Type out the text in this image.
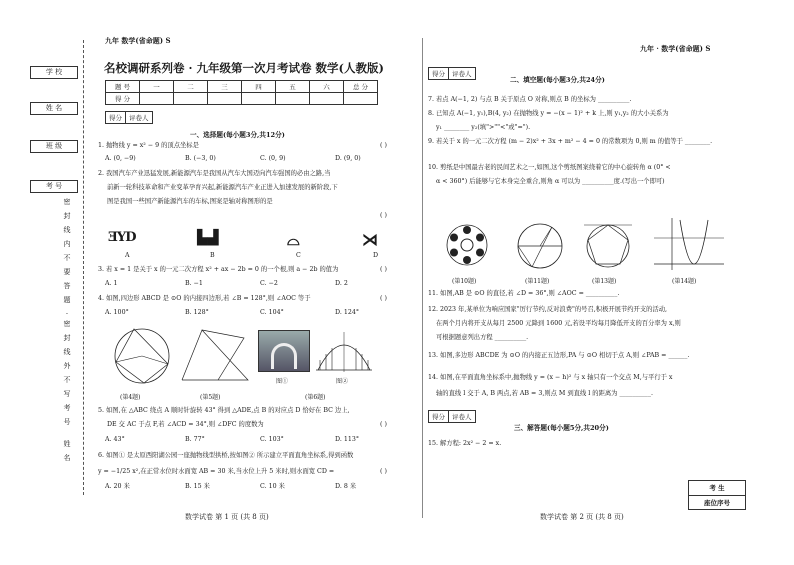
学 校
姓 名
班 级
考 号
密
封
线
内
不
要
答
题
·
密
封
线
外
不
写
考
号
姓
名
九年 数学(省命题) S
九年 · 数学(省命题) S
名校调研系列卷 · 九年级第一次月考试卷 数学(人教版)
题 号	一	二	三	四	五	六	总 分
得 分							
得分	评卷人
一、选择题(每小题3分,共12分)
1. 抛物线 y = x² − 9 的顶点坐标是	( )
A. (0, −9)	B. (−3, 0)	C. (0, 9)	D. (9, 0)
2. 我国汽车产业迅猛发展,新能源汽车是我国从汽车大国迈向汽车强国的必由之路,当
前新一轮科技革命和产业变革孕育兴起,新能源汽车产业正进入加速发展的新阶段,下
图是我国一些国产新能源汽车的车标,图案是轴对称图形的是
( )
ƎYD	▙▟	⌓	⋊
A	B	C	D
3. 若 x = 1 是关于 x 的一元二次方程 x² + ax − 2b = 0 的一个根,则 a − 2b 的值为	( )
A. 1	B. −1	C. −2	D. 2
4. 如图,四边形 ABCD 是 ⊙O 的内接四边形,若 ∠B = 128°,则 ∠AOC 等于	( )
A. 100°	B. 128°	C. 104°	D. 124°
(第4题)	(第5题)
图①	图②
(第6题)
5. 如图,在 △ABC 绕点 A 顺时针旋转 43° 得到 △ADE,点 B 的对应点 D 恰好在 BC 边上,
DE 交 AC 于点 F,若 ∠ACD = 34°,则 ∠DFC 的度数为	( )
A. 43°	B. 77°	C. 103°	D. 113°
6. 如图① 是太原西阳湖公园一座抛物线型拱桥,按如图② 所示建立平面直角坐标系,得到函数
y = −1/25 x²,在正常水位时水面宽 AB = 30 米,当水位上升 5 米时,则水面宽 CD =	( )
A. 20 米	B. 15 米	C. 10 米	D. 8 米
数学试卷 第 1 页 (共 8 页)
得分	评卷人
二、填空题(每小题3分,共24分)
7. 若点 A(−1, 2) 与点 B 关于原点 O 对称,则点 B 的坐标为 __________.
8. 已知点 A(−1, y₁),B(4, y₂) 在抛物线 y = −(x − 1)² + k 上,则 y₁,y₂ 的大小关系为
y₁ ________ y₂(填">""<"或"=").
9. 若关于 x 的一元二次方程 (m − 2)x² + 3x + m² − 4 = 0 的常数项为 0,则 m 的值等于 ________.
10. 剪纸是中国最古老的民间艺术之一,如图,这个剪纸图案绕着它的中心旋转角 α (0° <
α < 360°) 后能够与它本身完全重合,则角 α 可以为 __________度.(写出一个即可)
(第10题)	(第11题)	(第13题)	(第14题)
11. 如图,AB 是 ⊙O 的直径,若 ∠D = 36°,则 ∠AOC = __________.
12. 2023 年,某单位为响应国家"厉行节约,反对浪费"的号召,积极开展节约开支的活动,
在两个月内将开支从每月 2500 元降到 1600 元,若设平均每月降低开支的百分率为 x,则
可根据题意列出方程 __________.
13. 如图,多边形 ABCDE 为 ⊙O 的内接正五边形,PA 与 ⊙O 相切于点 A,则 ∠PAB = ______.
14. 如图,在平面直角坐标系中,抛物线 y = (x − h)² 与 x 轴只有一个交点 M,与平行于 x
轴的直线 l 交于 A, B 两点,若 AB = 3,则点 M 到直线 l 的距离为 __________.
得分	评卷人
三、解答题(每小题5分,共20分)
15. 解方程: 2x² − 2 = x.
考 生
座位序号
数学试卷 第 2 页 (共 8 页)
